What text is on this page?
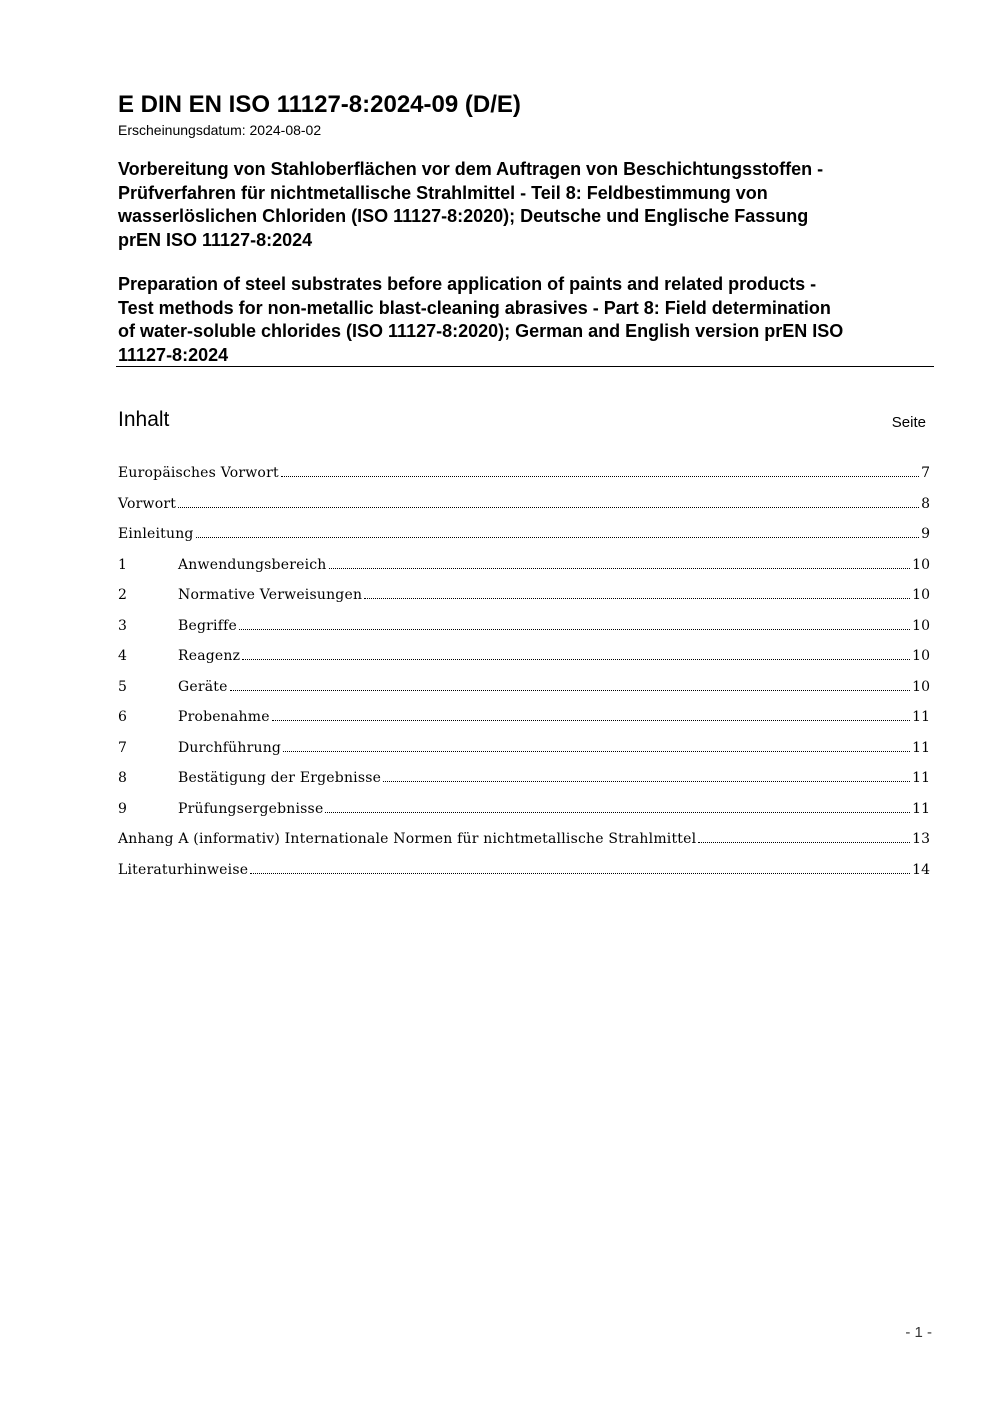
E DIN EN ISO 11127-8:2024-09 (D/E)
Erscheinungsdatum: 2024-08-02
Vorbereitung von Stahloberflächen vor dem Auftragen von Beschichtungsstoffen -
Prüfverfahren für nichtmetallische Strahlmittel - Teil 8: Feldbestimmung von
wasserlöslichen Chloriden (ISO 11127-8:2020); Deutsche und Englische Fassung
prEN ISO 11127-8:2024
Preparation of steel substrates before application of paints and related products -
Test methods for non-metallic blast-cleaning abrasives - Part 8: Field determination
of water-soluble chlorides (ISO 11127-8:2020); German and English version prEN ISO
11127-8:2024
Inhalt	Seite
Europäisches Vorwort	7
Vorwort	8
Einleitung	9
1	Anwendungsbereich	10
2	Normative Verweisungen	10
3	Begriffe	10
4	Reagenz	10
5	Geräte	10
6	Probenahme	11
7	Durchführung	11
8	Bestätigung der Ergebnisse	11
9	Prüfungsergebnisse	11
Anhang A (informativ) Internationale Normen für nichtmetallische Strahlmittel	13
Literaturhinweise	14
- 1 -
